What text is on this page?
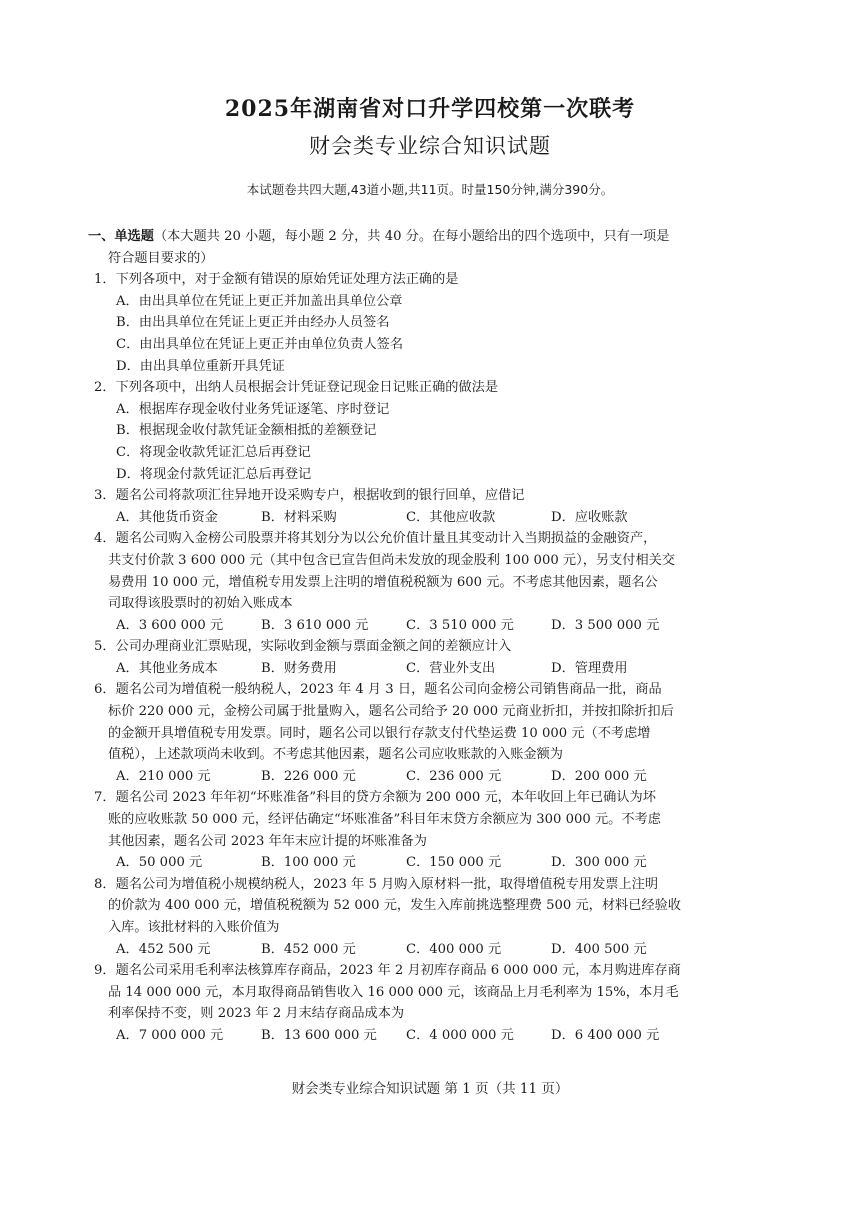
2025年湖南省对口升学四校第一次联考
财会类专业综合知识试题
本试题卷共四大题,43道小题,共11页。时量150分钟,满分390分。
一、单选题（本大题共 20 小题，每小题 2 分，共 40 分。在每小题给出的四个选项中，只有一项是
符合题目要求的）
1．下列各项中，对于金额有错误的原始凭证处理方法正确的是
A．由出具单位在凭证上更正并加盖出具单位公章
B．由出具单位在凭证上更正并由经办人员签名
C．由出具单位在凭证上更正并由单位负责人签名
D．由出具单位重新开具凭证
2．下列各项中，出纳人员根据会计凭证登记现金日记账正确的做法是
A．根据库存现金收付业务凭证逐笔、序时登记
B．根据现金收付款凭证金额相抵的差额登记
C．将现金收款凭证汇总后再登记
D．将现金付款凭证汇总后再登记
3．题名公司将款项汇往异地开设采购专户，根据收到的银行回单，应借记
A．其他货币资金	B．材料采购	C．其他应收款	D．应收账款
4．题名公司购入金榜公司股票并将其划分为以公允价值计量且其变动计入当期损益的金融资产，
共支付价款 3 600 000 元（其中包含已宣告但尚未发放的现金股利 100 000 元），另支付相关交
易费用 10 000 元，增值税专用发票上注明的增值税税额为 600 元。不考虑其他因素，题名公
司取得该股票时的初始入账成本
A．3 600 000 元	B．3 610 000 元	C．3 510 000 元	D．3 500 000 元
5．公司办理商业汇票贴现，实际收到金额与票面金额之间的差额应计入
A．其他业务成本	B．财务费用	C．营业外支出	D．管理费用
6．题名公司为增值税一般纳税人，2023 年 4 月 3 日，题名公司向金榜公司销售商品一批，商品
标价 220 000 元，金榜公司属于批量购入，题名公司给予 20 000 元商业折扣，并按扣除折扣后
的金额开具增值税专用发票。同时，题名公司以银行存款支付代垫运费 10 000 元（不考虑增
值税），上述款项尚未收到。不考虑其他因素，题名公司应收账款的入账金额为
A．210 000 元	B．226 000 元	C．236 000 元	D．200 000 元
7．题名公司 2023 年年初“坏账准备”科目的贷方余额为 200 000 元，本年收回上年已确认为坏
账的应收账款 50 000 元，经评估确定“坏账准备”科目年末贷方余额应为 300 000 元。不考虑
其他因素，题名公司 2023 年年末应计提的坏账准备为
A．50 000 元	B．100 000 元	C．150 000 元	D．300 000 元
8．题名公司为增值税小规模纳税人，2023 年 5 月购入原材料一批，取得增值税专用发票上注明
的价款为 400 000 元，增值税税额为 52 000 元，发生入库前挑选整理费 500 元，材料已经验收
入库。该批材料的入账价值为
A．452 500 元	B．452 000 元	C．400 000 元	D．400 500 元
9．题名公司采用毛利率法核算库存商品，2023 年 2 月初库存商品 6 000 000 元，本月购进库存商
品 14 000 000 元，本月取得商品销售收入 16 000 000 元，该商品上月毛利率为 15%，本月毛
利率保持不变，则 2023 年 2 月末结存商品成本为
A．7 000 000 元	B．13 600 000 元	C．4 000 000 元	D．6 400 000 元
财会类专业综合知识试题 第 1 页（共 11 页）
